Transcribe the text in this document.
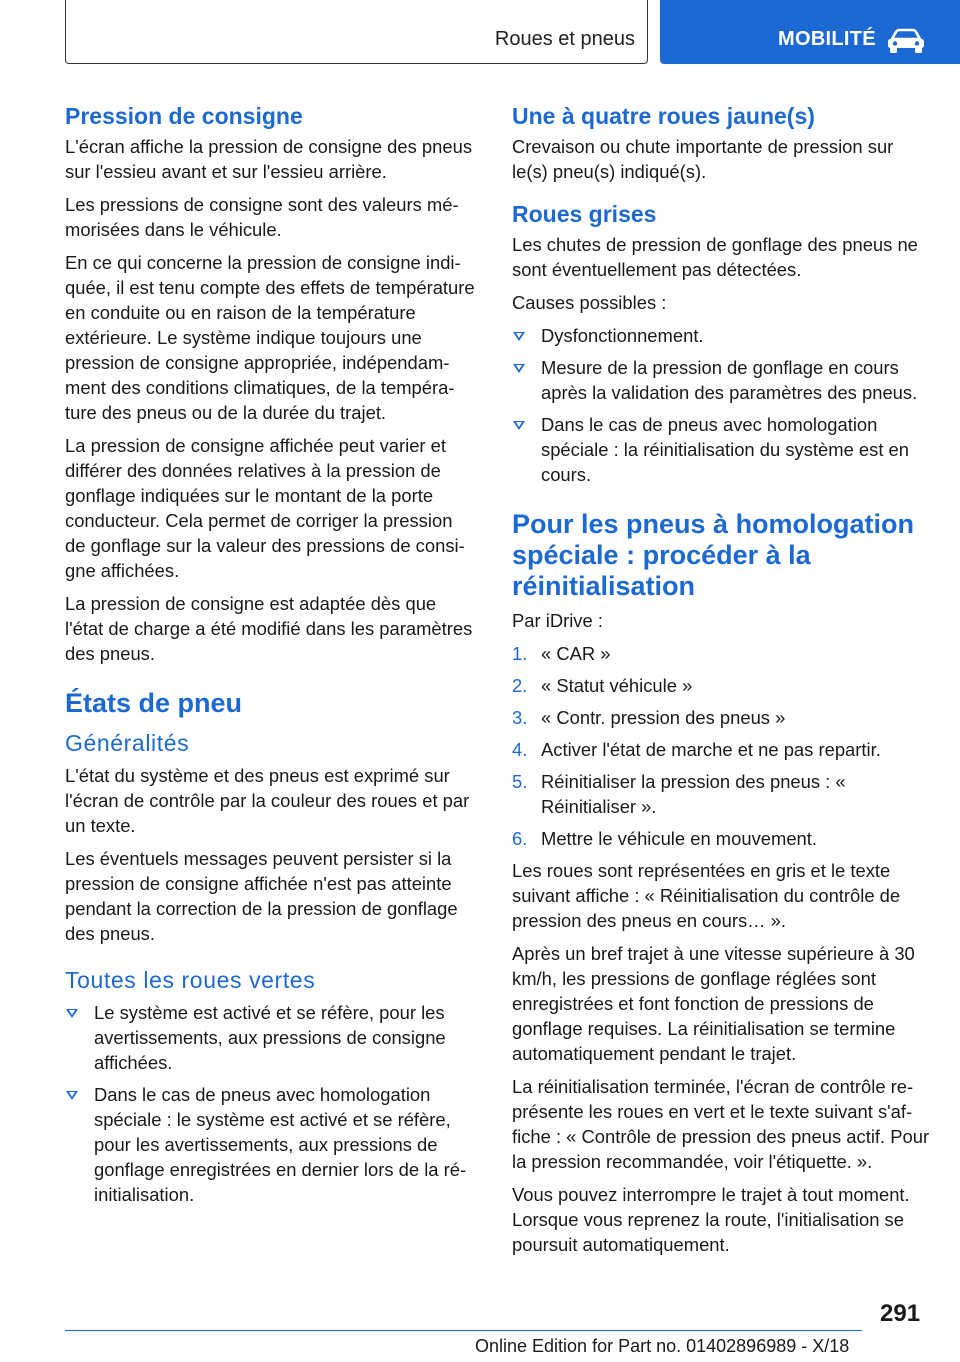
Roues et pneus	MOBILITÉ
Pression de consigne

L'écran affiche la pression de consigne des pneus sur l'essieu avant et sur l'essieu arrière.

Les pressions de consigne sont des valeurs mémorisées dans le véhicule.

En ce qui concerne la pression de consigne indiquée, il est tenu compte des effets de température en conduite ou en raison de la température extérieure. Le système indique toujours une pression de consigne appropriée, indépendamment des conditions climatiques, de la température des pneus ou de la durée du trajet.

La pression de consigne affichée peut varier et différer des données relatives à la pression de gonflage indiquées sur le montant de la porte conducteur. Cela permet de corriger la pression de gonflage sur la valeur des pressions de consigne affichées.

La pression de consigne est adaptée dès que l'état de charge a été modifié dans les paramètres des pneus.

États de pneu
Généralités

L'état du système et des pneus est exprimé sur l'écran de contrôle par la couleur des roues et par un texte.

Les éventuels messages peuvent persister si la pression de consigne affichée n'est pas atteinte pendant la correction de la pression de gonflage des pneus.

Toutes les roues vertes
Le système est activé et se réfère, pour les avertissements, aux pressions de consigne affichées.
Dans le cas de pneus avec homologation spéciale : le système est activé et se réfère, pour les avertissements, aux pressions de gonflage enregistrées en dernier lors de la réinitialisation.
Une à quatre roues jaune(s)

Crevaison ou chute importante de pression sur le(s) pneu(s) indiqué(s).

Roues grises

Les chutes de pression de gonflage des pneus ne sont éventuellement pas détectées.

Causes possibles :

Dysfonctionnement.
Mesure de la pression de gonflage en cours après la validation des paramètres des pneus.
Dans le cas de pneus avec homologation spéciale : la réinitialisation du système est en cours.
Pour les pneus à homologation spéciale : procéder à la réinitialisation

Par iDrive :

1. « CAR »
2. « Statut véhicule »
3. « Contr. pression des pneus »
4. Activer l'état de marche et ne pas repartir.
5. Réinitialiser la pression des pneus : « Réinitialiser ».
6. Mettre le véhicule en mouvement.

Les roues sont représentées en gris et le texte suivant affiche : « Réinitialisation du contrôle de pression des pneus en cours… ».

Après un bref trajet à une vitesse supérieure à 30 km/h, les pressions de gonflage réglées sont enregistrées et font fonction de pressions de gonflage requises. La réinitialisation se termine automatiquement pendant le trajet.

La réinitialisation terminée, l'écran de contrôle représente les roues en vert et le texte suivant s'affiche : « Contrôle de pression des pneus actif. Pour la pression recommandée, voir l'étiquette. ».

Vous pouvez interrompre le trajet à tout moment. Lorsque vous reprenez la route, l'initialisation se poursuit automatiquement.

291
Online Edition for Part no. 01402896989 - X/18
